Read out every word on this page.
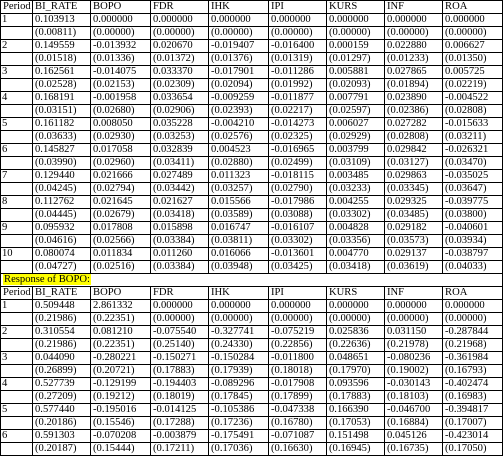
Period	BI_RATE	BOPO	FDR	IHK	IPI	KURS	INF	ROA
1	0.103913	0.000000	0.000000	0.000000	0.000000	0.000000	0.000000	0.000000
	(0.00811)	(0.00000)	(0.00000)	(0.00000)	(0.00000)	(0.00000)	(0.00000)	(0.00000)
2	0.149559	-0.013932	0.020670	-0.019407	-0.016400	0.000159	0.022880	0.006627
	(0.01518)	(0.01336)	(0.01372)	(0.01376)	(0.01319)	(0.01297)	(0.01233)	(0.01350)
3	0.162561	-0.014075	0.033370	-0.017901	-0.011286	0.005881	0.027865	0.005725
	(0.02528)	(0.02153)	(0.02309)	(0.02094)	(0.01992)	(0.02093)	(0.01894)	(0.02219)
4	0.168191	-0.001958	0.033654	-0.009259	-0.011877	0.007791	0.023890	-0.004522
	(0.03151)	(0.02680)	(0.02906)	(0.02393)	(0.02217)	(0.02597)	(0.02386)	(0.02808)
5	0.161182	0.008050	0.035228	-0.004210	-0.014273	0.006027	0.027282	-0.015633
	(0.03633)	(0.02930)	(0.03253)	(0.02576)	(0.02325)	(0.02929)	(0.02808)	(0.03211)
6	0.145827	0.017058	0.032839	0.004523	-0.016965	0.003799	0.029842	-0.026321
	(0.03990)	(0.02960)	(0.03411)	(0.02880)	(0.02499)	(0.03109)	(0.03127)	(0.03470)
7	0.129440	0.021666	0.027489	0.011323	-0.018115	0.003485	0.029863	-0.035025
	(0.04245)	(0.02794)	(0.03442)	(0.03257)	(0.02790)	(0.03233)	(0.03345)	(0.03647)
8	0.112762	0.021645	0.021627	0.015566	-0.017986	0.004255	0.029325	-0.039775
	(0.04445)	(0.02679)	(0.03418)	(0.03589)	(0.03088)	(0.03302)	(0.03485)	(0.03800)
9	0.095932	0.017808	0.015898	0.016747	-0.016107	0.004828	0.029182	-0.040601
	(0.04616)	(0.02566)	(0.03384)	(0.03811)	(0.03302)	(0.03356)	(0.03573)	(0.03934)
10	0.080074	0.011834	0.011260	0.016066	-0.013601	0.004770	0.029137	-0.038797
	(0.04727)	(0.02516)	(0.03384)	(0.03948)	(0.03425)	(0.03418)	(0.03619)	(0.04033)
Response of BOPO:								
Period	BI_RATE	BOPO	FDR	IHK	IPI	KURS	INF	ROA
1	0.509448	2.861332	0.000000	0.000000	0.000000	0.000000	0.000000	0.000000
	(0.21986)	(0.22351)	(0.00000)	(0.00000)	(0.00000)	(0.00000)	(0.00000)	(0.00000)
2	0.310554	0.081210	-0.075540	-0.327741	-0.075219	0.025836	0.031150	-0.287844
	(0.21986)	(0.22351)	(0.25140)	(0.24330)	(0.22856)	(0.22636)	(0.21978)	(0.21968)
3	0.044090	-0.280221	-0.150271	-0.150284	-0.011800	0.048651	-0.080236	-0.361984
	(0.26899)	(0.20721)	(0.17883)	(0.17939)	(0.18018)	(0.17970)	(0.19002)	(0.16793)
4	0.527739	-0.129199	-0.194403	-0.089296	-0.017908	0.093596	-0.030143	-0.402474
	(0.27209)	(0.19212)	(0.18019)	(0.17845)	(0.17899)	(0.17883)	(0.18103)	(0.16983)
5	0.577440	-0.195016	-0.014125	-0.105386	-0.047338	0.166390	-0.046700	-0.394817
	(0.20186)	(0.15546)	(0.17288)	(0.17236)	(0.16780)	(0.17053)	(0.16884)	(0.17007)
6	0.591303	-0.070208	-0.003879	-0.175491	-0.071087	0.151498	0.045126	-0.423014
	(0.20187)	(0.15444)	(0.17211)	(0.17036)	(0.16630)	(0.16945)	(0.16735)	(0.17050)
